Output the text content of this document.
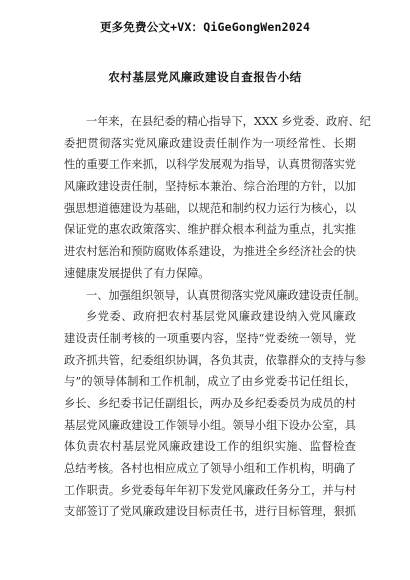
更多免费公文+VX：QiGeGongWen2024
农村基层党风廉政建设自查报告小结
一年来，在县纪委的精心指导下，XXX 乡党委、政府、纪
委把贯彻落实党风廉政建设责任制作为一项经常性、长期
性的重要工作来抓，以科学发展观为指导，认真贯彻落实党
风廉政建设责任制，坚持标本兼治、综合治理的方针，以加
强思想道德建设为基础，以规范和制约权力运行为核心，以
保证党的惠农政策落实、维护群众根本利益为重点，扎实推
进农村惩治和预防腐败体系建设，为推进全乡经济社会的快
速健康发展提供了有力保障。
一、加强组织领导，认真贯彻落实党风廉政建设责任制。
乡党委、政府把农村基层党风廉政建设纳入党风廉政
建设责任制考核的一项重要内容，坚持“党委统一领导，党
政齐抓共管，纪委组织协调，各负其责，依靠群众的支持与参
与”的领导体制和工作机制，成立了由乡党委书记任组长，
乡长、乡纪委书记任副组长，两办及乡纪委委员为成员的村
基层党风廉政建设工作领导小组。领导小组下设办公室，具
体负责农村基层党风廉政建设工作的组织实施、监督检查
总结考核。各村也相应成立了领导小组和工作机构，明确了
工作职责。乡党委每年年初下发党风廉政任务分工，并与村
支部签订了党风廉政建设目标责任书，进行目标管理，狠抓
